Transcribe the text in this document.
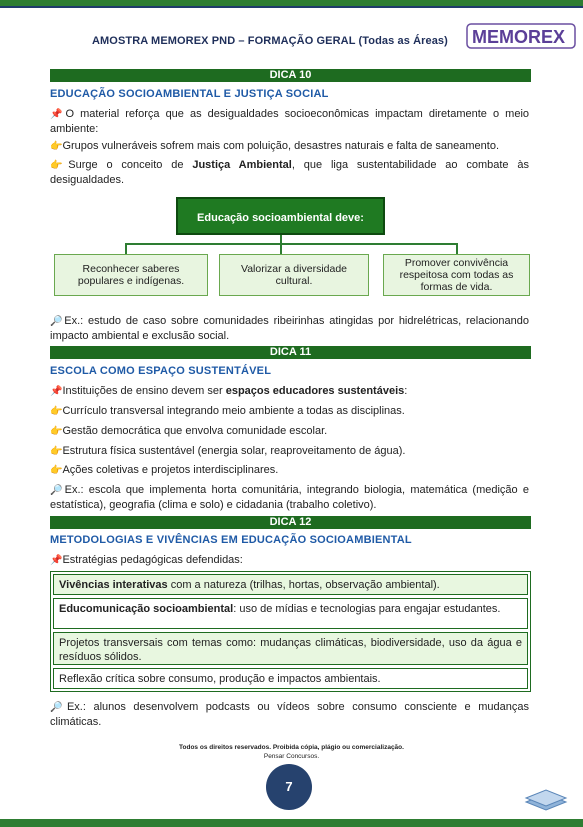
AMOSTRA MEMOREX PND – FORMAÇÃO GERAL (Todas as Áreas) MEMOREX
DICA 10
EDUCAÇÃO SOCIOAMBIENTAL E JUSTIÇA SOCIAL
📌O material reforça que as desigualdades socioeconômicas impactam diretamente o meio ambiente:
👉Grupos vulneráveis sofrem mais com poluição, desastres naturais e falta de saneamento.
👉Surge o conceito de Justiça Ambiental, que liga sustentabilidade ao combate às desigualdades.
Educação socioambiental deve:
Reconhecer saberes populares e indígenas.
Valorizar a diversidade cultural.
Promover convivência respeitosa com todas as formas de vida.
🔎Ex.: estudo de caso sobre comunidades ribeirinhas atingidas por hidrelétricas, relacionando impacto ambiental e exclusão social.
DICA 11
ESCOLA COMO ESPAÇO SUSTENTÁVEL
📌Instituições de ensino devem ser espaços educadores sustentáveis:
👉Currículo transversal integrando meio ambiente a todas as disciplinas.
👉Gestão democrática que envolva comunidade escolar.
👉Estrutura física sustentável (energia solar, reaproveitamento de água).
👉Ações coletivas e projetos interdisciplinares.
🔎Ex.: escola que implementa horta comunitária, integrando biologia, matemática (medição e estatística), geografia (clima e solo) e cidadania (trabalho coletivo).
DICA 12
METODOLOGIAS E VIVÊNCIAS EM EDUCAÇÃO SOCIOAMBIENTAL
📌Estratégias pedagógicas defendidas:
Vivências interativas com a natureza (trilhas, hortas, observação ambiental).
Educomunicação socioambiental: uso de mídias e tecnologias para engajar estudantes.
Projetos transversais com temas como: mudanças climáticas, biodiversidade, uso da água e resíduos sólidos.
Reflexão crítica sobre consumo, produção e impactos ambientais.
🔎Ex.: alunos desenvolvem podcasts ou vídeos sobre consumo consciente e mudanças climáticas.
Todos os direitos reservados. Proibida cópia, plágio ou comercialização.
Pensar Concursos.
7
